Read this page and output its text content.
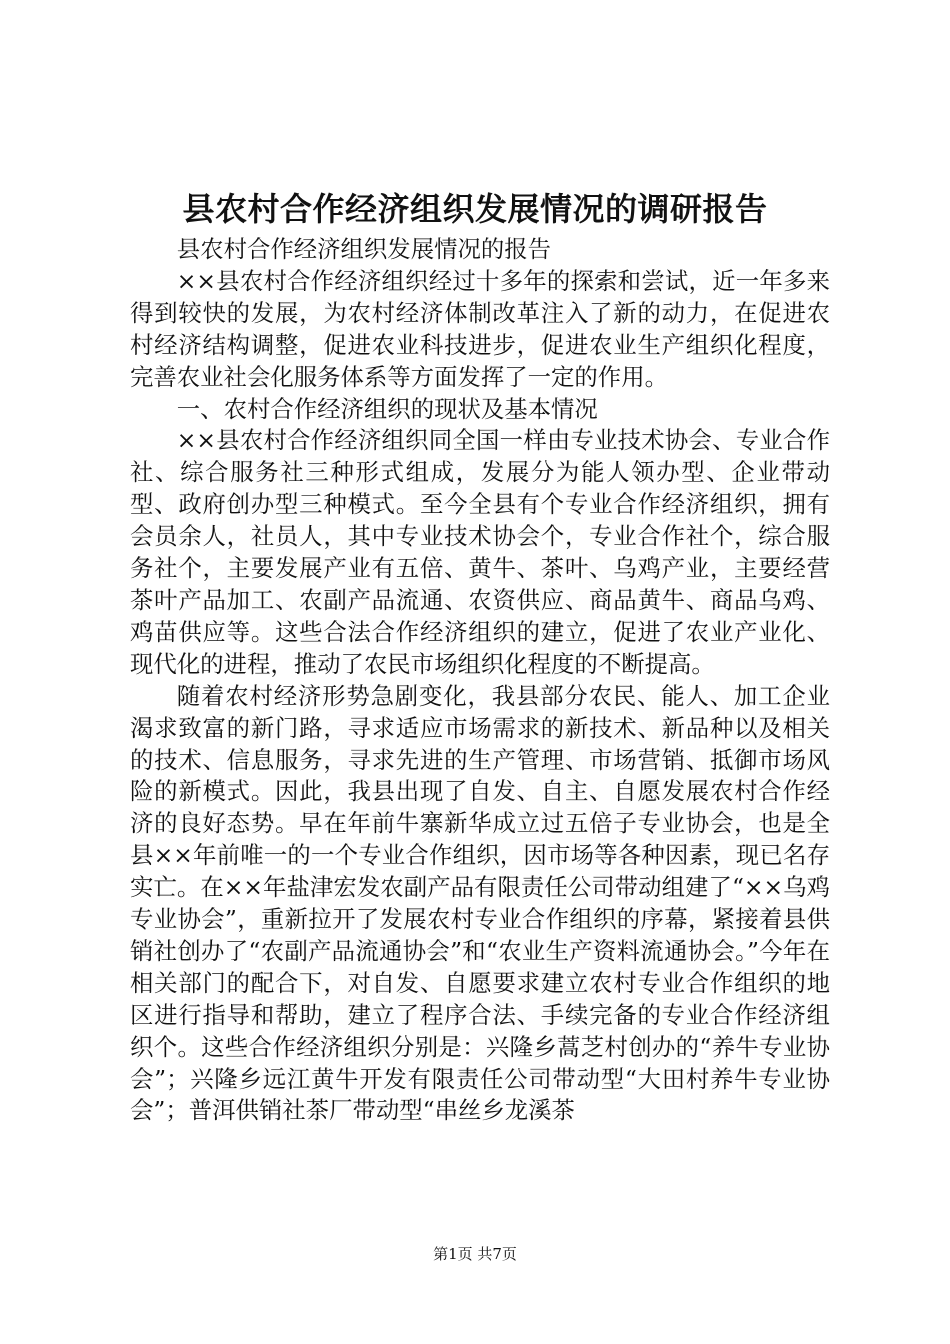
县农村合作经济组织发展情况的调研报告

县农村合作经济组织发展情况的报告

××县农村合作经济组织经过十多年的探索和尝试，近一年多来得到较快的发展，为农村经济体制改革注入了新的动力，在促进农村经济结构调整，促进农业科技进步，促进农业生产组织化程度，完善农业社会化服务体系等方面发挥了一定的作用。

一、农村合作经济组织的现状及基本情况

××县农村合作经济组织同全国一样由专业技术协会、专业合作社、综合服务社三种形式组成，发展分为能人领办型、企业带动型、政府创办型三种模式。至今全县有个专业合作经济组织，拥有会员余人，社员人，其中专业技术协会个，专业合作社个，综合服务社个，主要发展产业有五倍、黄牛、茶叶、乌鸡产业，主要经营茶叶产品加工、农副产品流通、农资供应、商品黄牛、商品乌鸡、鸡苗供应等。这些合法合作经济组织的建立，促进了农业产业化、现代化的进程，推动了农民市场组织化程度的不断提高。

随着农村经济形势急剧变化，我县部分农民、能人、加工企业渴求致富的新门路，寻求适应市场需求的新技术、新品种以及相关的技术、信息服务，寻求先进的生产管理、市场营销、抵御市场风险的新模式。因此，我县出现了自发、自主、自愿发展农村合作经济的良好态势。早在年前牛寨新华成立过五倍子专业协会，也是全县××年前唯一的一个专业合作组织，因市场等各种因素，现已名存实亡。在××年盐津宏发农副产品有限责任公司带动组建了“××乌鸡专业协会”，重新拉开了发展农村专业合作组织的序幕，紧接着县供销社创办了“农副产品流通协会”和“农业生产资料流通协会。”今年在相关部门的配合下，对自发、自愿要求建立农村专业合作组织的地区进行指导和帮助，建立了程序合法、手续完备的专业合作经济组织个。这些合作经济组织分别是：兴隆乡蒿芝村创办的“养牛专业协会”；兴隆乡远江黄牛开发有限责任公司带动型“大田村养牛专业协会”；普洱供销社茶厂带动型“串丝乡龙溪茶

第1页 共7页
